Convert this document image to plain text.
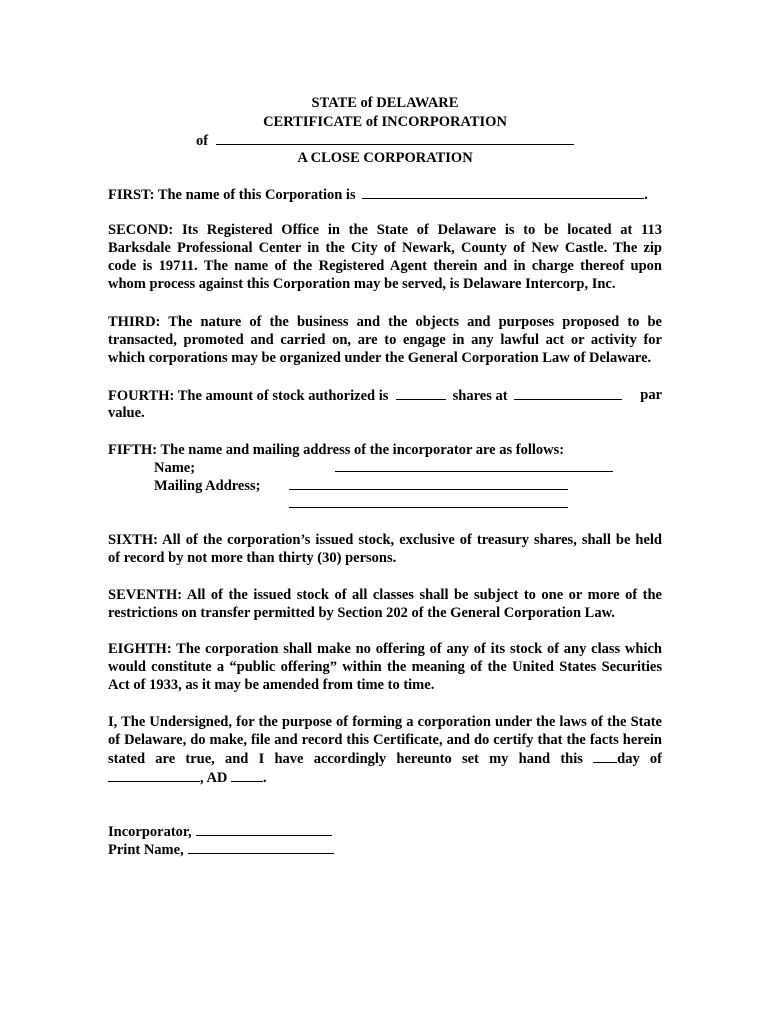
STATE of DELAWARE
CERTIFICATE of INCORPORATION
of
A CLOSE CORPORATION
FIRST: The name of this Corporation is	.
SECOND: Its Registered Office in the State of Delaware is to be located at 113
Barksdale Professional Center in the City of Newark, County of New Castle. The zip
code is 19711. The name of the Registered Agent therein and in charge thereof upon
whom process against this Corporation may be served, is Delaware Intercorp, Inc.
THIRD: The nature of the business and the objects and purposes proposed to be
transacted, promoted and carried on, are to engage in any lawful act or activity for
which corporations may be organized under the General Corporation Law of Delaware.
FOURTH: The amount of stock authorized is	shares at	par
value.
FIFTH: The name and mailing address of the incorporator are as follows:
Name;
Mailing Address;
SIXTH: All of the corporation’s issued stock, exclusive of treasury shares, shall be held
of record by not more than thirty (30) persons.
SEVENTH: All of the issued stock of all classes shall be subject to one or more of the
restrictions on transfer permitted by Section 202 of the General Corporation Law.
EIGHTH: The corporation shall make no offering of any of its stock of any class which
would constitute a “public offering” within the meaning of the United States Securities
Act of 1933, as it may be amended from time to time.
I, The Undersigned, for the purpose of forming a corporation under the laws of the State
of Delaware, do make, file and record this Certificate, and do certify that the facts herein
stated are true, and I have accordingly hereunto set my hand this day of
, AD .
Incorporator,
Print Name,
